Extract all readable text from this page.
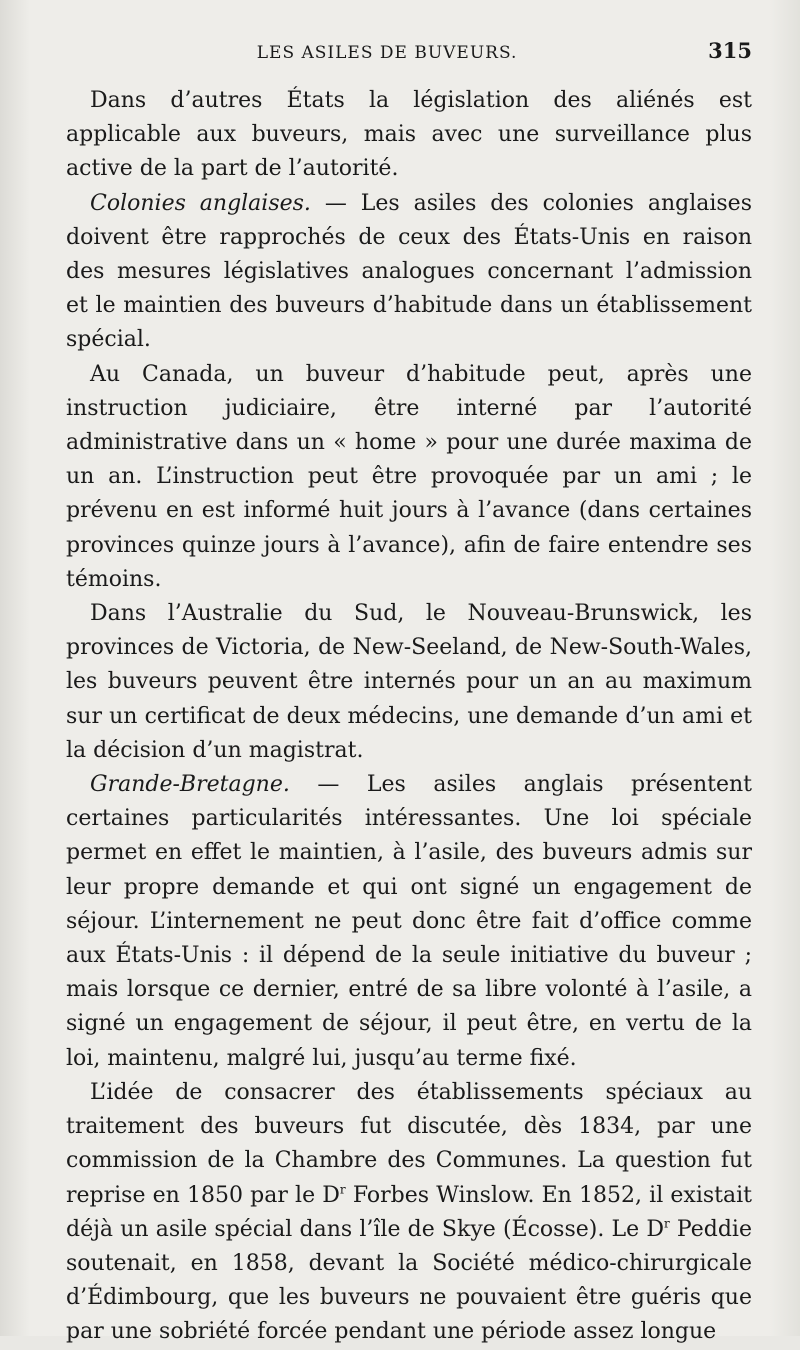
LES ASILES DE BUVEURS.	315

Dans d’autres États la législation des aliénés est applicable aux buveurs, mais avec une surveillance plus active de la part de l’autorité.

Colonies anglaises. — Les asiles des colonies anglaises doivent être rapprochés de ceux des États-Unis en raison des mesures législatives analogues concernant l’admission et le maintien des buveurs d’habitude dans un établissement spécial.

Au Canada, un buveur d’habitude peut, après une instruction judiciaire, être interné par l’autorité administrative dans un « home » pour une durée maxima de un an. L’instruction peut être provoquée par un ami ; le prévenu en est informé huit jours à l’avance (dans certaines provinces quinze jours à l’avance), afin de faire entendre ses témoins.

Dans l’Australie du Sud, le Nouveau-Brunswick, les provinces de Victoria, de New-Seeland, de New-South-Wales, les buveurs peuvent être internés pour un an au maximum sur un certificat de deux médecins, une demande d’un ami et la décision d’un magistrat.

Grande-Bretagne. — Les asiles anglais présentent certaines particularités intéressantes. Une loi spéciale permet en effet le maintien, à l’asile, des buveurs admis sur leur propre demande et qui ont signé un engagement de séjour. L’internement ne peut donc être fait d’office comme aux États-Unis : il dépend de la seule initiative du buveur ; mais lorsque ce dernier, entré de sa libre volonté à l’asile, a signé un engagement de séjour, il peut être, en vertu de la loi, maintenu, malgré lui, jusqu’au terme fixé.

L’idée de consacrer des établissements spéciaux au traitement des buveurs fut discutée, dès 1834, par une commission de la Chambre des Communes. La question fut reprise en 1850 par le $D^r$ Forbes Winslow. En 1852, il existait déjà un asile spécial dans l’île de Skye (Écosse). Le $D^r$ Peddie soutenait, en 1858, devant la Société médico-chirurgicale d’Édimbourg, que les buveurs ne pouvaient être guéris que par une sobriété forcée pendant une période assez longue
